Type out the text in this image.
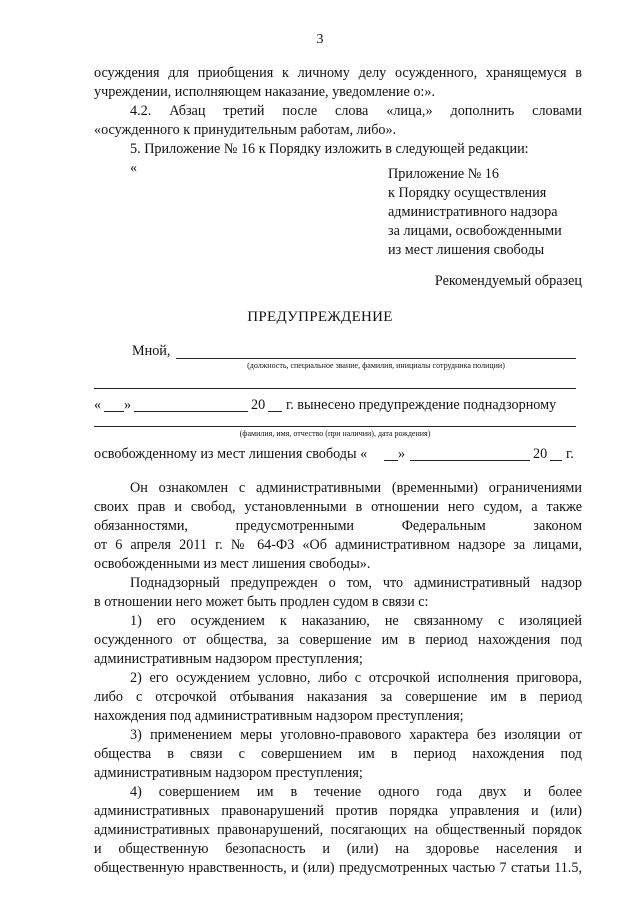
3
осуждения для приобщения к личному делу осужденного, хранящемуся в
учреждении, исполняющем наказание, уведомление о:».
4.2. Абзац третий после слова «лица,» дополнить словами
«осужденного к принудительным работам, либо».
5. Приложение № 16 к Порядку изложить в следующей редакции:
«	Приложение № 16
к Порядку осуществления
административного надзора
за лицами, освобожденными
из мест лишения свободы
Рекомендуемый образец
ПРЕДУПРЕЖДЕНИЕ
Мной,
(должность, специальное звание, фамилия, инициалы сотрудника полиции)
« »	20 г. вынесено предупреждение поднадзорному
(фамилия, имя, отчество (при наличии), дата рождения)
освобожденному из мест лишения свободы « »	20 г.
Он ознакомлен с административными (временными) ограничениями
своих прав и свобод, установленными в отношении него судом, а также
обязанностями, предусмотренными Федеральным законом
от 6 апреля 2011 г. № 64-ФЗ «Об административном надзоре за лицами,
освобожденными из мест лишения свободы».
Поднадзорный предупрежден о том, что административный надзор
в отношении него может быть продлен судом в связи с:
1) его осуждением к наказанию, не связанному с изоляцией
осужденного от общества, за совершение им в период нахождения под
административным надзором преступления;
2) его осуждением условно, либо с отсрочкой исполнения приговора,
либо с отсрочкой отбывания наказания за совершение им в период
нахождения под административным надзором преступления;
3) применением меры уголовно-правового характера без изоляции от
общества в связи с совершением им в период нахождения под
административным надзором преступления;
4) совершением им в течение одного года двух и более
административных правонарушений против порядка управления и (или)
административных правонарушений, посягающих на общественный порядок
и общественную безопасность и (или) на здоровье населения и
общественную нравственность, и (или) предусмотренных частью 7 статьи 11.5,
